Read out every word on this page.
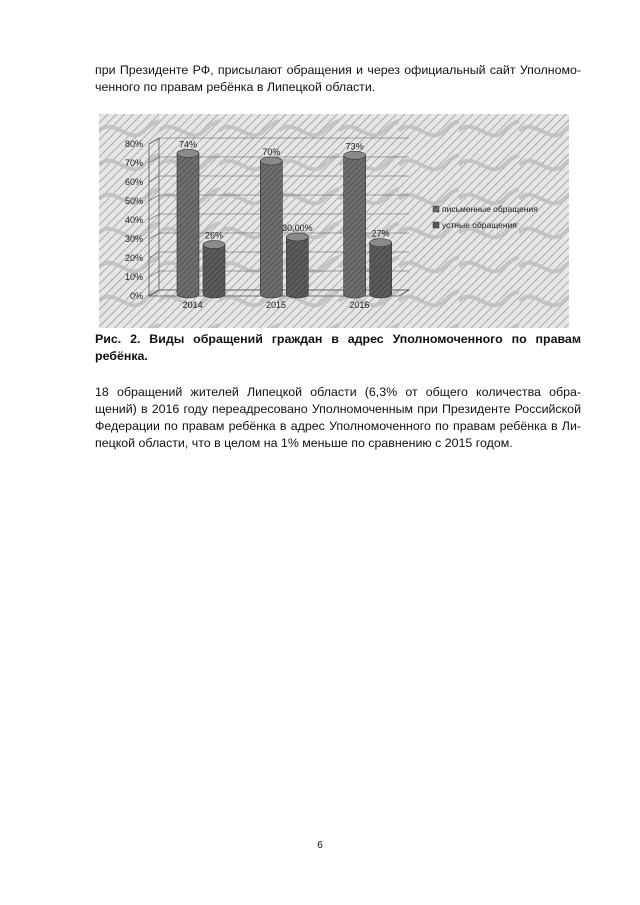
при Президенте РФ, присылают обращения и через официальный сайт Уполномо-
ченного по правам ребёнка в Липецкой области.

0%
10%
20%
30%
40%
50%
60%
70%
80%	74%
26%
2014
70%
30,00%
2015
73%
27%
2016
письменные обращения
устные обращения

Рис. 2. Виды обращений граждан в адрес Уполномоченного по правам
ребёнка.

18 обращений жителей Липецкой области (6,3% от общего количества обра-
щений) в 2016 году переадресовано Уполномоченным при Президенте Российской
Федерации по правам ребёнка в адрес Уполномоченного по правам ребёнка в Ли-
пецкой области, что в целом на 1% меньше по сравнению с 2015 годом.

6
